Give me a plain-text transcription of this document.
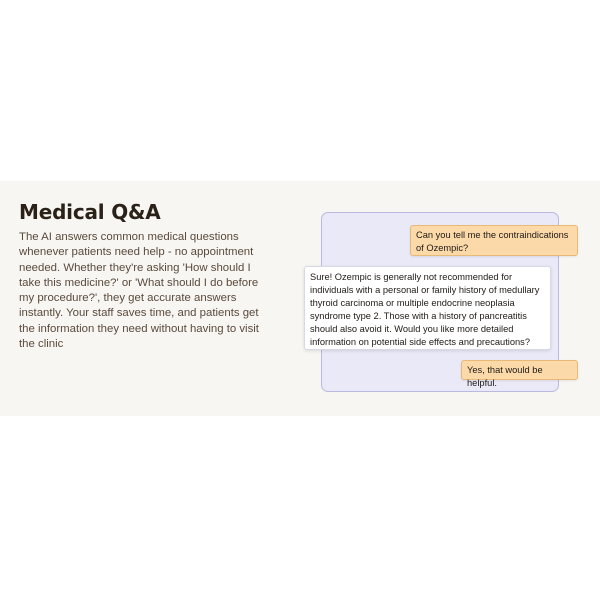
Medical Q&A

The AI answers common medical questions whenever patients need help - no appointment needed. Whether they're asking 'How should I take this medicine?' or 'What should I do before my procedure?', they get accurate answers instantly. Your staff saves time, and patients get the information they need without having to visit the clinic

Can you tell me the contraindications of Ozempic?
Sure! Ozempic is generally not recommended for individuals with a personal or family history of medullary thyroid carcinoma or multiple endocrine neoplasia syndrome type 2. Those with a history of pancreatitis should also avoid it. Would you like more detailed information on potential side effects and precautions?
Yes, that would be helpful.
